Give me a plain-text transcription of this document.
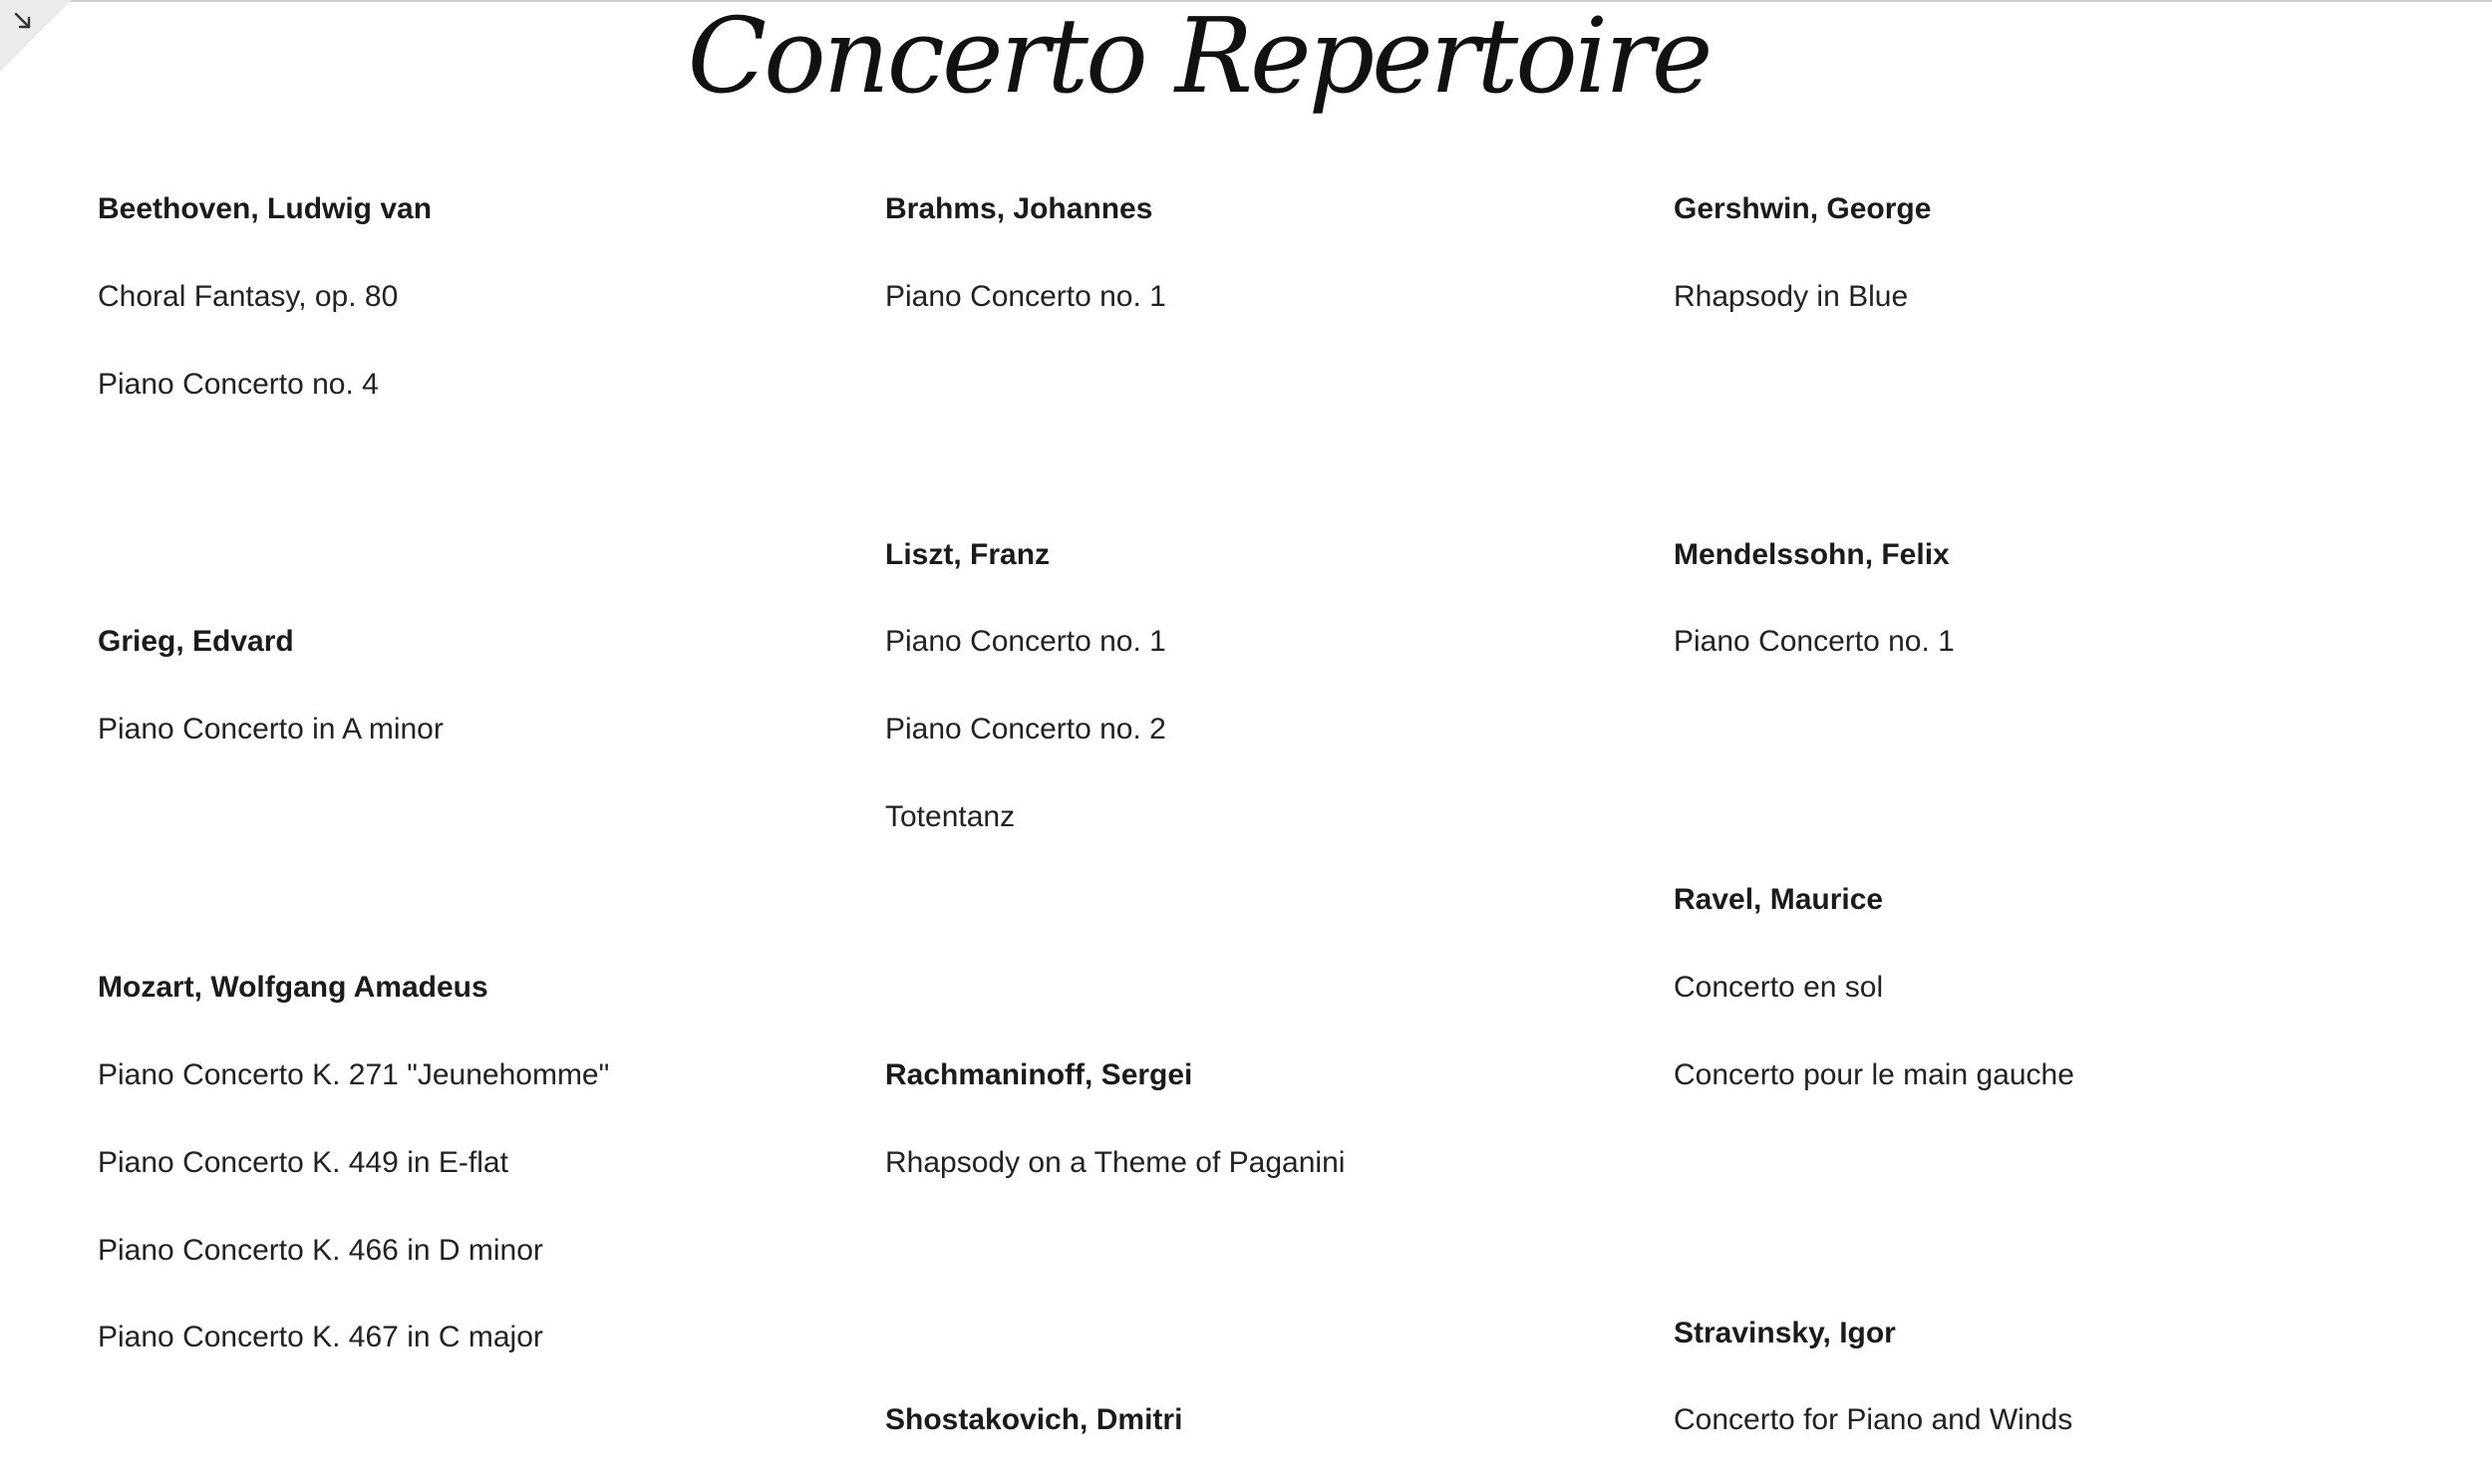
Concerto Repertoire
Beethoven, Ludwig van
Choral Fantasy, op. 80
Piano Concerto no. 4
Grieg, Edvard
Piano Concerto in A minor
Mozart, Wolfgang Amadeus
Piano Concerto K. 271 "Jeunehomme"
Piano Concerto K. 449 in E-flat
Piano Concerto K. 466 in D minor
Piano Concerto K. 467 in C major
Brahms, Johannes
Piano Concerto no. 1
Liszt, Franz
Piano Concerto no. 1
Piano Concerto no. 2
Totentanz
Rachmaninoff, Sergei
Rhapsody on a Theme of Paganini
Shostakovich, Dmitri
Gershwin, George
Rhapsody in Blue
Mendelssohn, Felix
Piano Concerto no. 1
Ravel, Maurice
Concerto en sol
Concerto pour le main gauche
Stravinsky, Igor
Concerto for Piano and Winds
